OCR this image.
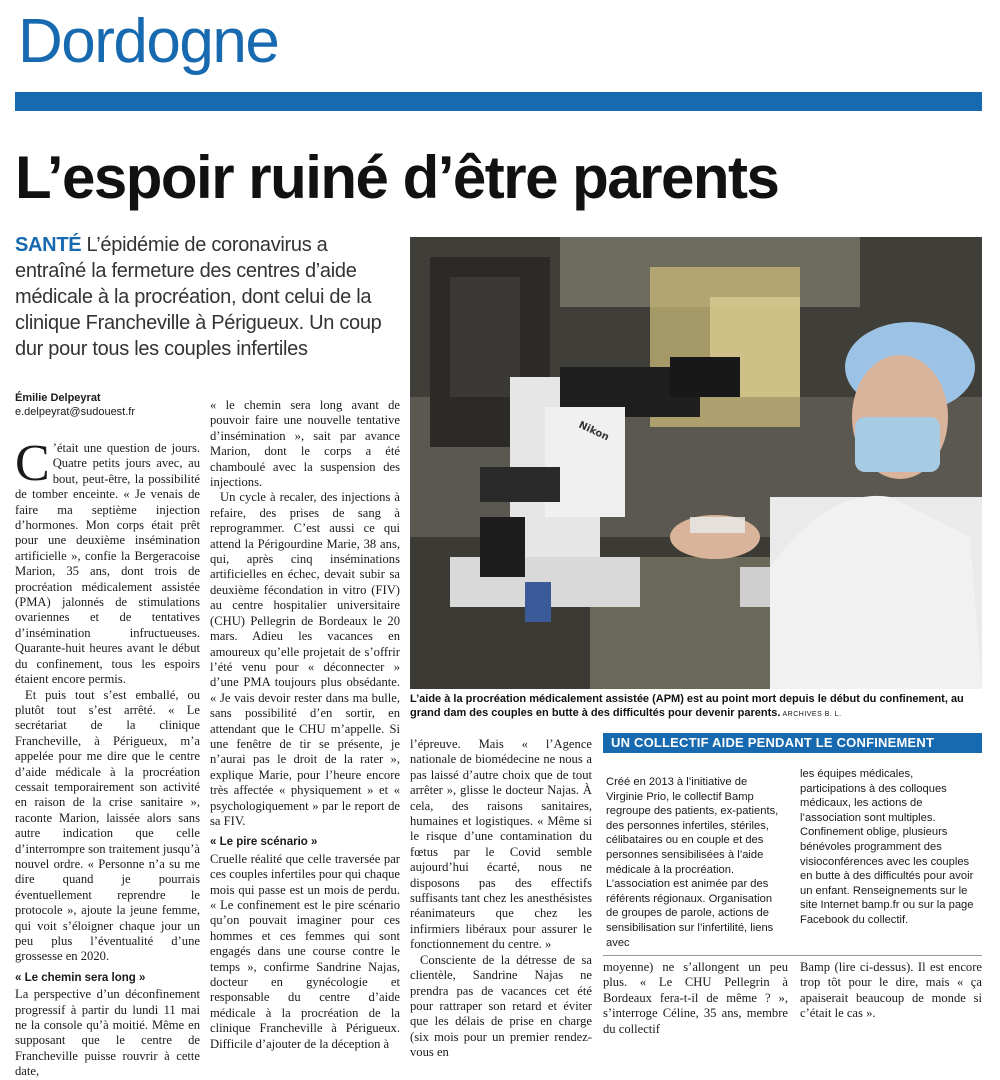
Dordogne
L’espoir ruiné d’être parents
SANTÉ L’épidémie de coronavirus a entraîné la fermeture des centres d’aide médicale à la procréation, dont celui de la clinique Francheville à Périgueux. Un coup dur pour tous les couples infertiles
Émilie Delpeyrat
e.delpeyrat@sudouest.fr
Nikon
L’aide à la procréation médicalement assistée (APM) est au point mort depuis le début du confinement, au grand dam des couples en butte à des difficultés pour devenir parents. ARCHIVES B. L.

C ’était une question de jours. Quatre petits jours avec, au bout, peut-être, la possibilité de tomber enceinte. « Je venais de faire ma septième injection d’hormones. Mon corps était prêt pour une deuxième insémination artificielle », confie la Bergeracoise Marion, 35 ans, dont trois de procréation médicalement assistée (PMA) jalonnés de stimulations ovariennes et de tentatives d’insémination infructueuses. Quarante-huit heures avant le début du confinement, tous les espoirs étaient encore permis.

Et puis tout s’est emballé, ou plutôt tout s’est arrêté. « Le secrétariat de la clinique Francheville, à Périgueux, m’a appelée pour me dire que le centre d’aide médicale à la procréation cessait temporairement son activité en raison de la crise sanitaire », raconte Marion, laissée alors sans autre indication que celle d’interrompre son traitement jusqu’à nouvel ordre. « Personne n’a su me dire quand je pourrais éventuellement reprendre le protocole », ajoute la jeune femme, qui voit s’éloigner chaque jour un peu plus l’éventualité d’une grossesse en 2020.

« Le chemin sera long »

La perspective d’un déconfinement progressif à partir du lundi 11 mai ne la console qu’à moitié. Même en supposant que le centre de Francheville puisse rouvrir à cette date,

« le chemin sera long avant de pouvoir faire une nouvelle tentative d’insémination », sait par avance Marion, dont le corps a été chamboulé avec la suspension des injections.

Un cycle à recaler, des injections à refaire, des prises de sang à reprogrammer. C’est aussi ce qui attend la Périgourdine Marie, 38 ans, qui, après cinq inséminations artificielles en échec, devait subir sa deuxième fécondation in vitro (FIV) au centre hospitalier universitaire (CHU) Pellegrin de Bordeaux le 20 mars. Adieu les vacances en amoureux qu’elle projetait de s’offrir l’été venu pour « déconnecter » d’une PMA toujours plus obsédante. « Je vais devoir rester dans ma bulle, sans possibilité d’en sortir, en attendant que le CHU m’appelle. Si une fenêtre de tir se présente, je n’aurai pas le droit de la rater », explique Marie, pour l’heure encore très affectée « physiquement » et « psychologiquement » par le report de sa FIV.

« Le pire scénario »

Cruelle réalité que celle traversée par ces couples infertiles pour qui chaque mois qui passe est un mois de perdu. « Le confinement est le pire scénario qu’on pouvait imaginer pour ces hommes et ces femmes qui sont engagés dans une course contre le temps », confirme Sandrine Najas, docteur en gynécologie et responsable du centre d’aide médicale à la procréation de la clinique Francheville à Périgueux. Difficile d’ajouter de la déception à

l’épreuve. Mais « l’Agence nationale de biomédecine ne nous a pas laissé d’autre choix que de tout arrêter », glisse le docteur Najas. À cela, des raisons sanitaires, humaines et logistiques. « Même si le risque d’une contamination du fœtus par le Covid semble aujourd’hui écarté, nous ne disposons pas des effectifs suffisants tant chez les anesthésistes réanimateurs que chez les infirmiers libéraux pour assurer le fonctionnement du centre. »

Consciente de la détresse de sa clientèle, Sandrine Najas ne prendra pas de vacances cet été pour rattraper son retard et éviter que les délais de prise en charge (six mois pour un premier rendez-vous en

UN COLLECTIF AIDE PENDANT LE CONFINEMENT
Créé en 2013 à l’initiative de Virginie Prio, le collectif Bamp regroupe des patients, ex-patients, des personnes infertiles, stériles, célibataires ou en couple et des personnes sensibilisées à l’aide médicale à la procréation. L’association est animée par des référents régionaux. Organisation de groupes de parole, actions de sensibilisation sur l’infertilité, liens avec
les équipes médicales, participations à des colloques médicaux, les actions de l’association sont multiples. Confinement oblige, plusieurs bénévoles programment des visioconférences avec les couples en butte à des difficultés pour avoir un enfant. Renseignements sur le site Internet bamp.fr ou sur la page Facebook du collectif.

moyenne) ne s’allongent un peu plus. « Le CHU Pellegrin à Bordeaux fera-t-il de même ? », s’interroge Céline, 35 ans, membre du collectif

Bamp (lire ci-dessus). Il est encore trop tôt pour le dire, mais « ça apaiserait beaucoup de monde si c’était le cas ».
